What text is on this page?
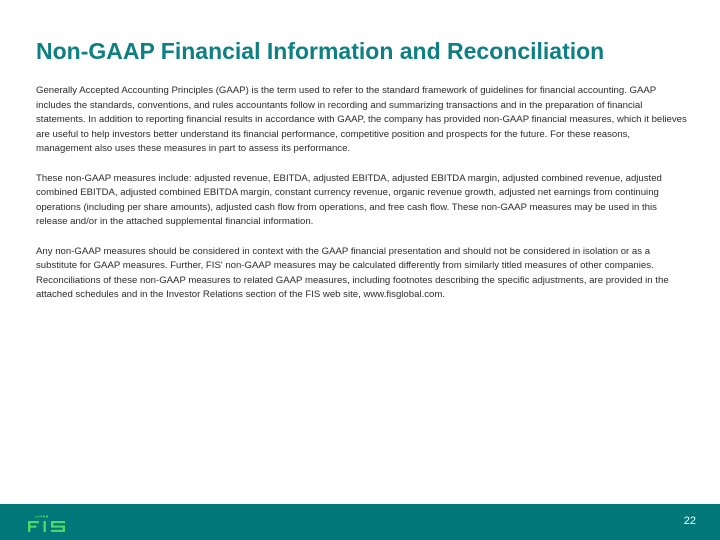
Non-GAAP Financial Information and Reconciliation

Generally Accepted Accounting Principles (GAAP) is the term used to refer to the standard framework of guidelines for financial accounting. GAAP includes the standards, conventions, and rules accountants follow in recording and summarizing transactions and in the preparation of financial statements. In addition to reporting financial results in accordance with GAAP, the company has provided non-GAAP financial measures, which it believes are useful to help investors better understand its financial performance, competitive position and prospects for the future. For these reasons, management also uses these measures in part to assess its performance.

These non-GAAP measures include: adjusted revenue, EBITDA, adjusted EBITDA, adjusted EBITDA margin, adjusted combined revenue, adjusted combined EBITDA, adjusted combined EBITDA margin, constant currency revenue, organic revenue growth, adjusted net earnings from continuing operations (including per share amounts), adjusted cash flow from operations, and free cash flow. These non-GAAP measures may be used in this release and/or in the attached supplemental financial information.

Any non-GAAP measures should be considered in context with the GAAP financial presentation and should not be considered in isolation or as a substitute for GAAP measures. Further, FIS' non-GAAP measures may be calculated differently from similarly titled measures of other companies. Reconciliations of these non-GAAP measures to related GAAP measures, including footnotes describing the specific adjustments, are provided in the attached schedules and in the Investor Relations section of the FIS web site, www.fisglobal.com.

22
